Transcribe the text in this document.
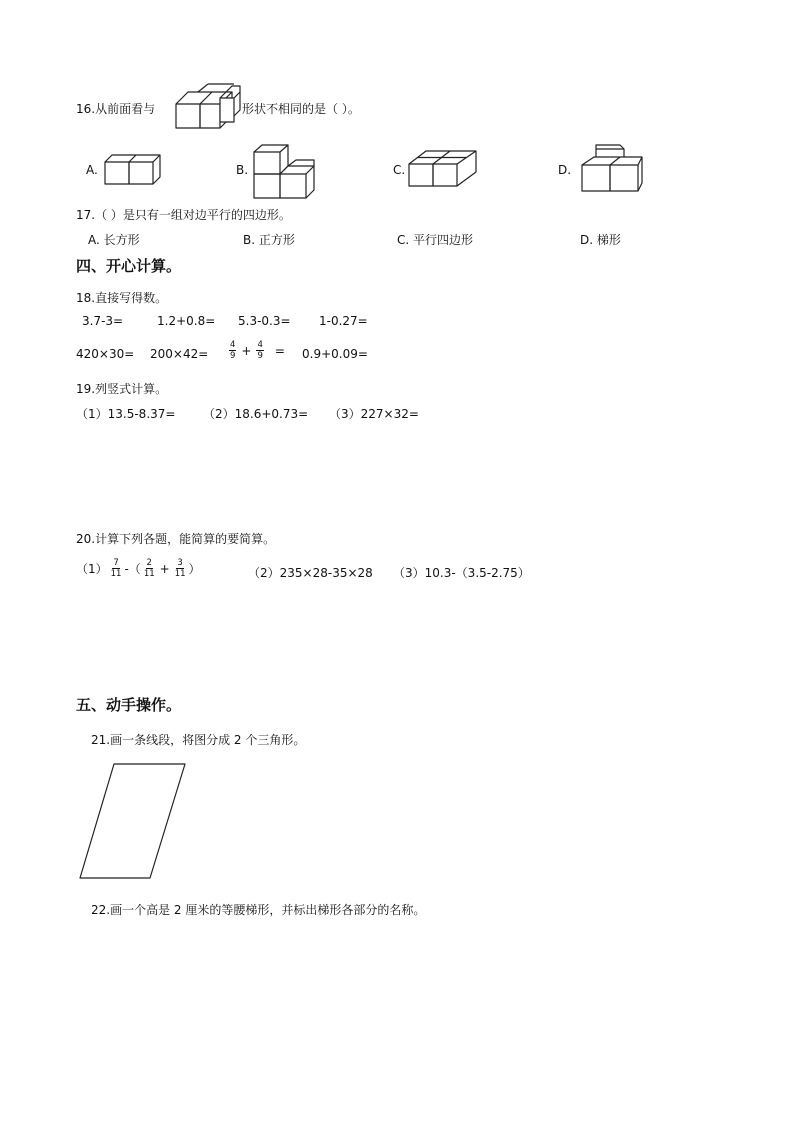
16.从前面看与	形状不相同的是（ ）。
A.	B.	C.	D.
17.（ ）是只有一组对边平行的四边形。
A. 长方形	B. 正方形	C. 平行四边形	D. 梯形
四、开心计算。
18.直接写得数。
3.7-3=	1.2+0.8= 5.3-0.3= 1-0.27=
$420\times 30= 200\times 42= \frac{4}{9} + \frac{4}{9} = 0.9+0.09=$
19.列竖式计算。
（1）13.5-8.37= （2）18.6+0.73= （3）227×32=
20.计算下列各题，能简算的要简算。
$(1) \frac{7}{11}$ -（ $\frac{2}{11} + \frac{3}{11}$ ）	（2）235×28-35×28 （3）10.3-（3.5-2.75）
五、动手操作。
21.画一条线段，将图分成 2 个三角形。
22.画一个高是 2 厘米的等腰梯形，并标出梯形各部分的名称。
